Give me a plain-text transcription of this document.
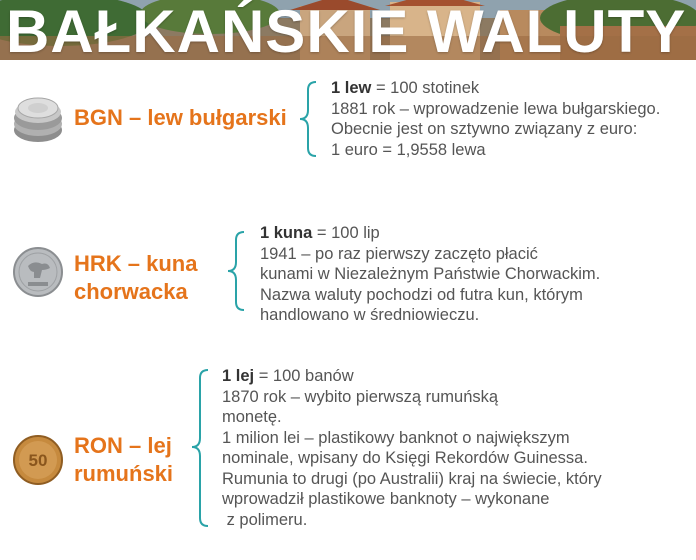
BAŁKAŃSKIE WALUTY
BGN – lew bułgarski
1 lew = 100 stotinek
1881 rok – wprowadzenie lewa bułgarskiego.
Obecnie jest on sztywno związany z euro:
1 euro = 1,9558 lewa
HRK – kuna
chorwacka
1 kuna = 100 lip
1941 – po raz pierwszy zaczęto płacić
kunami w Niezależnym Państwie Chorwackim.
Nazwa waluty pochodzi od futra kun, którym
handlowano w średniowieczu.
50
RON – lej
rumuński
1 lej = 100 banów
1870 rok – wybito pierwszą rumuńską
monetę.
1 milion lei – plastikowy banknot o największym
nominale, wpisany do Księgi Rekordów Guinessa.
Rumunia to drugi (po Australii) kraj na świecie, który
wprowadził plastikowe banknoty – wykonane
z polimeru.
